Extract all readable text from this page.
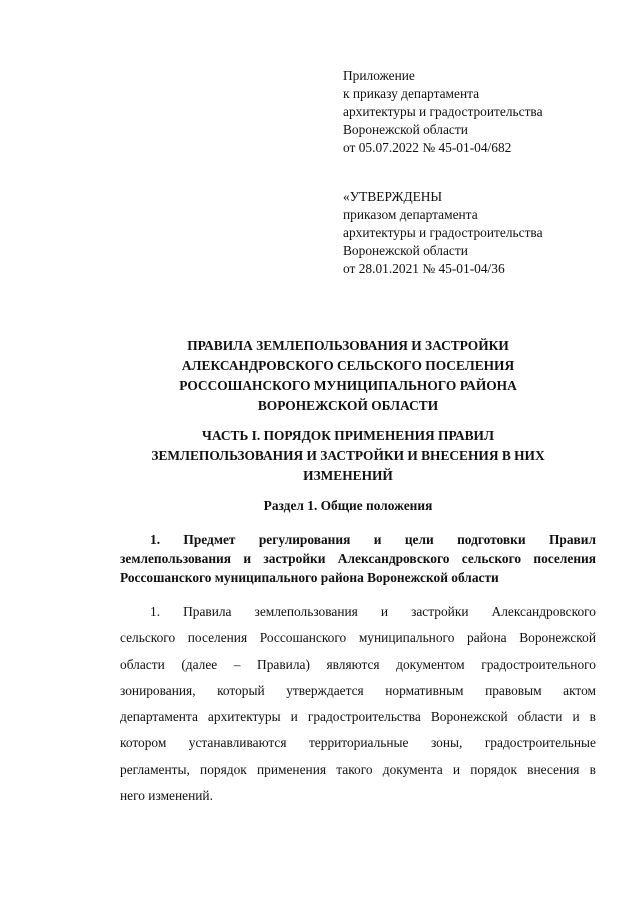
Приложение
к приказу департамента
архитектуры и градостроительства
Воронежской области
от 05.07.2022 № 45-01-04/682
«УТВЕРЖДЕНЫ
приказом департамента
архитектуры и градостроительства
Воронежской области
от 28.01.2021 № 45-01-04/36
ПРАВИЛА ЗЕМЛЕПОЛЬЗОВАНИЯ И ЗАСТРОЙКИ
АЛЕКСАНДРОВСКОГО СЕЛЬСКОГО ПОСЕЛЕНИЯ
РОССОШАНСКОГО МУНИЦИПАЛЬНОГО РАЙОНА
ВОРОНЕЖСКОЙ ОБЛАСТИ
ЧАСТЬ I. ПОРЯДОК ПРИМЕНЕНИЯ ПРАВИЛ
ЗЕМЛЕПОЛЬЗОВАНИЯ И ЗАСТРОЙКИ И ВНЕСЕНИЯ В НИХ
ИЗМЕНЕНИЙ
Раздел 1. Общие положения
1. Предмет регулирования и цели подготовки Правил
землепользования и застройки Александровского сельского поселения
Россошанского муниципального района Воронежской области
1. Правила землепользования и застройки Александровского
сельского поселения Россошанского муниципального района Воронежской
области (далее – Правила) являются документом градостроительного
зонирования, который утверждается нормативным правовым актом
департамента архитектуры и градостроительства Воронежской области и в
котором устанавливаются территориальные зоны, градостроительные
регламенты, порядок применения такого документа и порядок внесения в
него изменений.
